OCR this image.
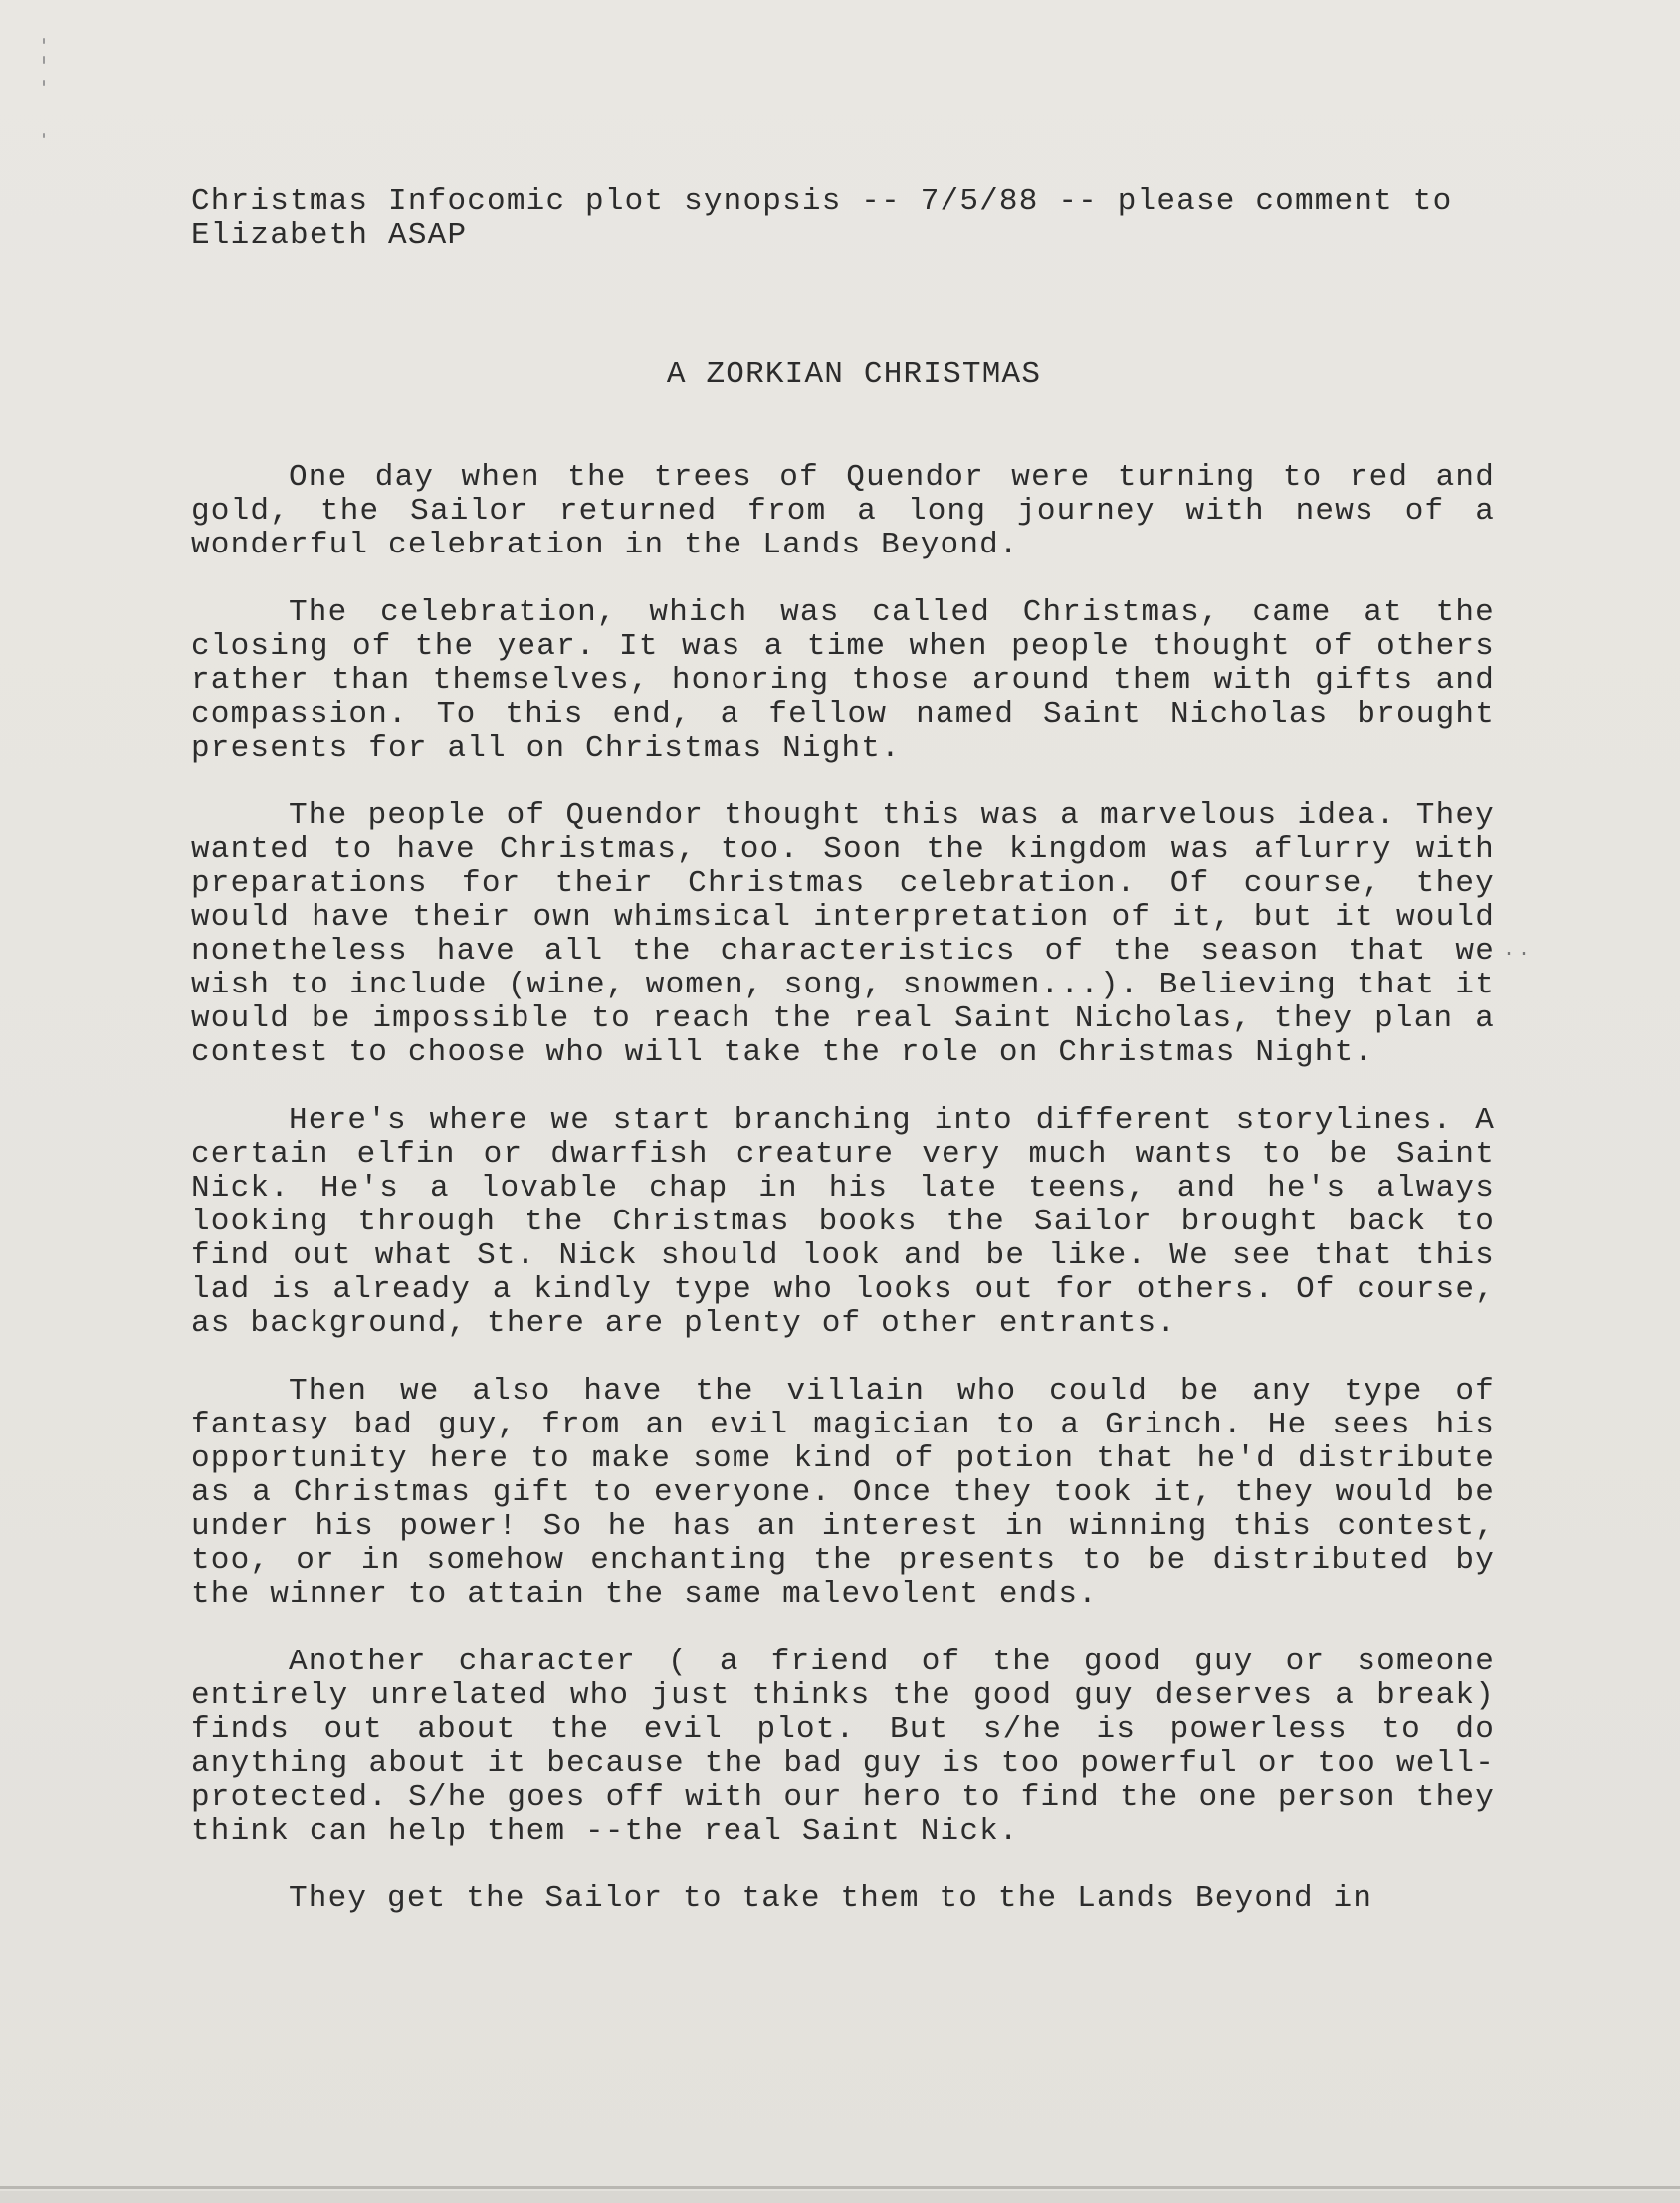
Christmas Infocomic plot synopsis -- 7/5/88 -- please comment to
Elizabeth ASAP
A ZORKIAN CHRISTMAS

One day when the trees of Quendor were turning to red and gold, the Sailor returned from a long journey with news of a wonderful celebration in the Lands Beyond.

The celebration, which was called Christmas, came at the closing of the year. It was a time when people thought of others rather than themselves, honoring those around them with gifts and compassion. To this end, a fellow named Saint Nicholas brought presents for all on Christmas Night.

The people of Quendor thought this was a marvelous idea. They wanted to have Christmas, too. Soon the kingdom was aflurry with preparations for their Christmas celebration. Of course, they would have their own whimsical interpretation of it, but it would nonetheless have all the characteristics of the season that we wish to include (wine, women, song, snowmen...). Believing that it would be impossible to reach the real Saint Nicholas, they plan a contest to choose who will take the role on Christmas Night.

Here's where we start branching into different storylines. A certain elfin or dwarfish creature very much wants to be Saint Nick. He's a lovable chap in his late teens, and he's always looking through the Christmas books the Sailor brought back to find out what St. Nick should look and be like. We see that this lad is already a kindly type who looks out for others. Of course, as background, there are plenty of other entrants.

Then we also have the villain who could be any type of fantasy bad guy, from an evil magician to a Grinch. He sees his opportunity here to make some kind of potion that he'd distribute as a Christmas gift to everyone. Once they took it, they would be under his power! So he has an interest in winning this contest, too, or in somehow enchanting the presents to be distributed by the winner to attain the same malevolent ends.

Another character ( a friend of the good guy or someone entirely unrelated who just thinks the good guy deserves a break) finds out about the evil plot. But s/he is powerless to do anything about it because the bad guy is too powerful or too well-protected. S/he goes off with our hero to find the one person they think can help them --the real Saint Nick.

They get the Sailor to take them to the Lands Beyond in

..
